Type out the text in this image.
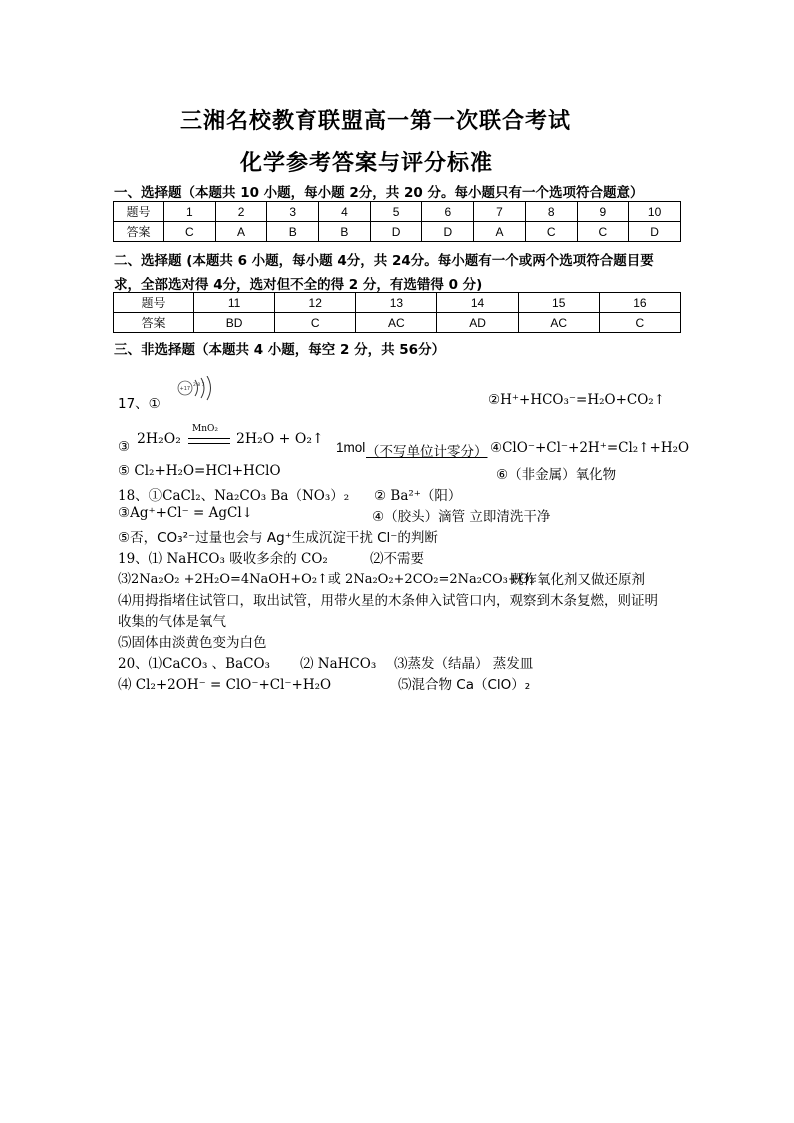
三湘名校教育联盟高一第一次联合考试
化学参考答案与评分标准
一、选择题（本题共 10 小题，每小题 2分，共 20 分。每小题只有一个选项符合题意）
题号	1	2	3	4	5	6	7	8	9	10
答案	C	A	B	B	D	D	A	C	C	D
二、选择题 (本题共 6 小题，每小题 4分，共 24分。每小题有一个或两个选项符合题目要
求，全部选对得 4分，选对但不全的得 2 分，有选错得 0 分)
题号	11	12	13	14	15	16
答案	BD	C	AC	AD	AC	C
三、非选择题（本题共 4 小题，每空 2 分，共 56分）
17、①
+17
2 8 7
②H⁺+HCO₃⁻=H₂O+CO₂↑
③ 2H₂O₂
MnO₂
2H₂O + O₂↑
1mol （不写单位计零分） ④ClO⁻+Cl⁻+2H⁺=Cl₂↑+H₂O
⑤ Cl₂+H₂O=HCl+HClO	⑥（非金属）氧化物
18、①CaCl₂、Na₂CO₃ Ba（NO₃）₂ ② Ba²⁺（阳）
③Ag⁺+Cl⁻ = AgCl↓	④（胶头）滴管 立即清洗干净
⑤否，CO₃²⁻过量也会与 Ag⁺生成沉淀干扰 Cl⁻的判断
19、⑴ NaHCO₃ 吸收多余的 CO₂	⑵不需要
⑶2Na₂O₂ +2H₂O=4NaOH+O₂↑或 2Na₂O₂+2CO₂=2Na₂CO₃+O₂
既作氧化剂又做还原剂
⑷用拇指堵住试管口，取出试管，用带火星的木条伸入试管口内，观察到木条复燃，则证明
收集的气体是氧气
⑸固体由淡黄色变为白色
20、⑴CaCO₃ 、BaCO₃ ⑵ NaHCO₃ ⑶蒸发（结晶） 蒸发皿
⑷ Cl₂+2OH⁻ = ClO⁻+Cl⁻+H₂O	⑸混合物 Ca（ClO）₂
